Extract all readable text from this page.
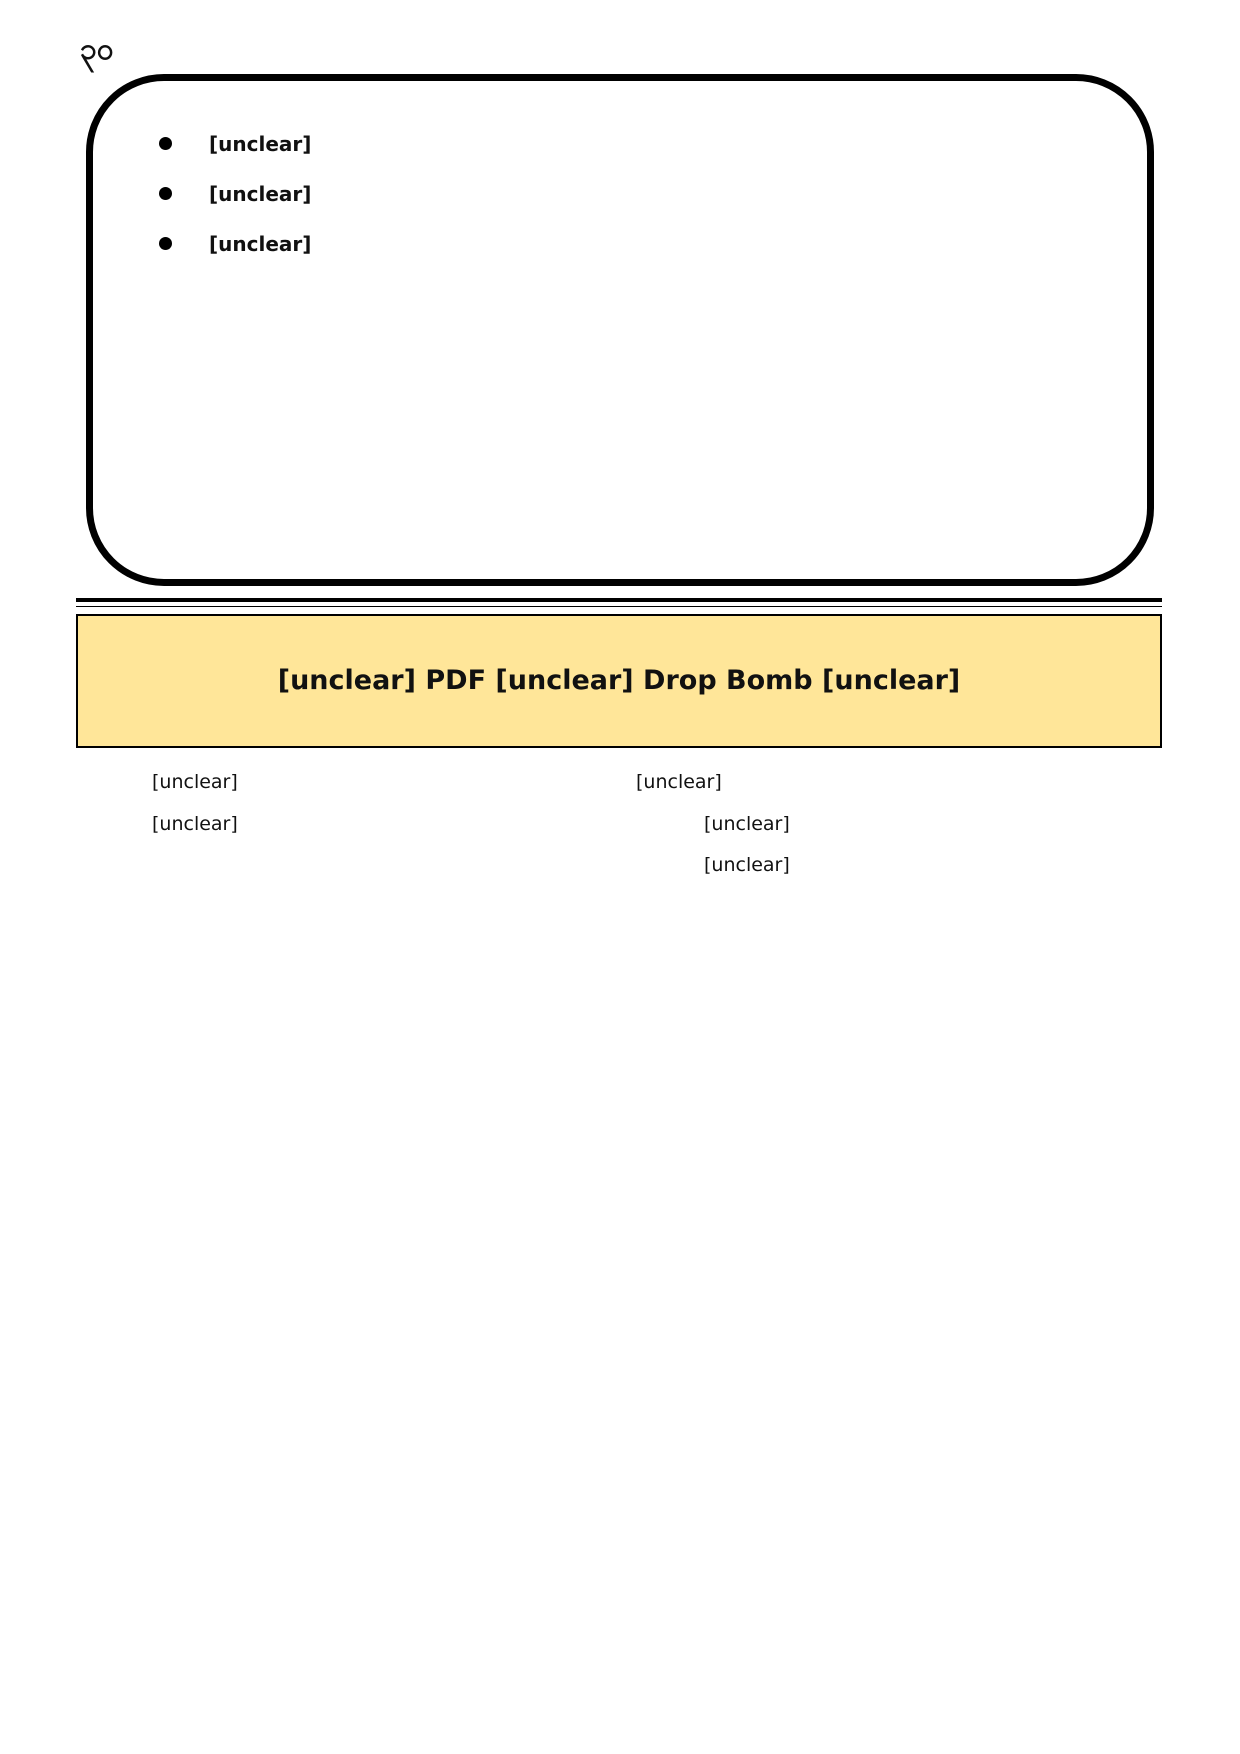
၃၀
[unclear]
[unclear]
[unclear]
[unclear] PDF [unclear] Drop Bomb [unclear]

[unclear]

[unclear]

[unclear]

[unclear]

[unclear]
